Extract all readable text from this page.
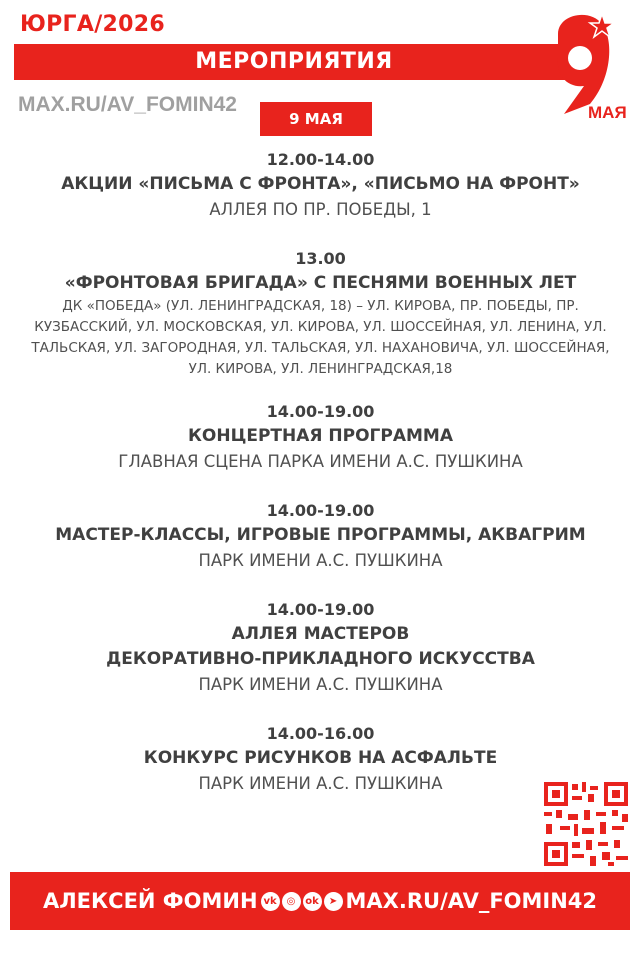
ЮРГА/2026
МЕРОПРИЯТИЯ
MAX.RU/AV_FOMIN42
9 МАЯ	МАЯ
12.00-14.00
АКЦИИ «ПИСЬМА С ФРОНТА», «ПИСЬМО НА ФРОНТ»
АЛЛЕЯ ПО ПР. ПОБЕДЫ, 1
13.00
«ФРОНТОВАЯ БРИГАДА» С ПЕСНЯМИ ВОЕННЫХ ЛЕТ
ДК «ПОБЕДА» (УЛ. ЛЕНИНГРАДСКАЯ, 18) – УЛ. КИРОВА, ПР. ПОБЕДЫ, ПР. КУЗБАССКИЙ, УЛ. МОСКОВСКАЯ, УЛ. КИРОВА, УЛ. ШОССЕЙНАЯ, УЛ. ЛЕНИНА, УЛ. ТАЛЬСКАЯ, УЛ. ЗАГОРОДНАЯ, УЛ. ТАЛЬСКАЯ, УЛ. НАХАНОВИЧА, УЛ. ШОССЕЙНАЯ, УЛ. КИРОВА, УЛ. ЛЕНИНГРАДСКАЯ,18
14.00-19.00
КОНЦЕРТНАЯ ПРОГРАММА
ГЛАВНАЯ СЦЕНА ПАРКА ИМЕНИ А.С. ПУШКИНА
14.00-19.00
МАСТЕР-КЛАССЫ, ИГРОВЫЕ ПРОГРАММЫ, АКВАГРИМ
ПАРК ИМЕНИ А.С. ПУШКИНА
14.00-19.00
АЛЛЕЯ МАСТЕРОВ
ДЕКОРАТИВНО-ПРИКЛАДНОГО ИСКУССТВА
ПАРК ИМЕНИ А.С. ПУШКИНА
14.00-16.00
КОНКУРС РИСУНКОВ НА АСФАЛЬТЕ
ПАРК ИМЕНИ А.С. ПУШКИНА
АЛЕКСЕЙ ФОМИН vk	◎ ok	➤ MAX.RU/AV_FOMIN42
